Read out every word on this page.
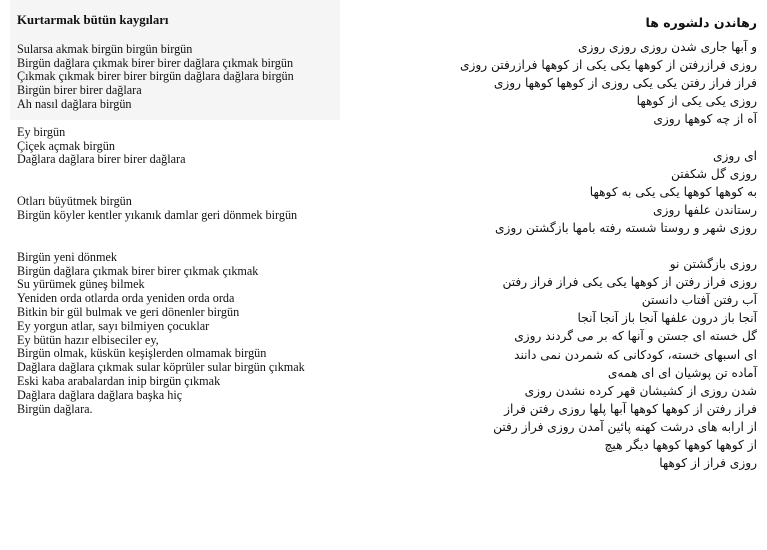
Kurtarmak bütün kaygıları
Sularsa akmak birgün birgün birgün
Birgün dağlara çıkmak birer birer dağlara çıkmak birgün
Çıkmak çıkmak birer birer birgün dağlara dağlara birgün
Birgün birer birer dağlara
Ah nasıl dağlara birgün
Ey birgün
Çiçek açmak birgün
Dağlara dağlara birer birer dağlara
Otları büyütmek birgün
Birgün köyler kentler yıkanık damlar geri dönmek birgün
Birgün yeni dönmek
Birgün dağlara çıkmak birer birer çıkmak çıkmak
Su yürümek güneş bilmek
Yeniden orda otlarda orda yeniden orda orda
Bitkin bir gül bulmak ve geri dönenler birgün
Ey yorgun atlar, sayı bilmiyen çocuklar
Ey bütün hazır elbiseciler ey,
Birgün olmak, küskün keşişlerden olmamak birgün
Dağlara dağlara çıkmak sular köprüler sular birgün çıkmak
Eski kaba arabalardan inip birgün çıkmak
Dağlara dağlara dağlara başka hiç
Birgün dağlara.
رهاندن دلشوره ها
و آبها جاری شدن روزی روزی روزی
روزی فرازرفتن از کوهها یکی یکی از کوهها فرازرفتن روزی
فراز فراز رفتن یکی یکی روزی از کوهها کوهها روزی
روزی یکی یکی از کوهها
آه از چه کوهها روزی
ای روزی
روزی گل شکفتن
به کوهها کوهها یکی یکی به کوهها
رستاندن علفها روزی
روزی شهر و روستا شسته رفته بامها بازگشتن روزی
روزی بازگشتن نو
روزی فراز رفتن از کوهها یکی یکی فراز فراز رفتن
آب رفتن آفتاب دانستن
آنجا باز درون علفها آنجا باز آنجا آنجا
گل خسته ای جستن و آنها که بر می گردند روزی
ای اسبهای خسته، کودکانی که شمردن نمی دانند
آماده تن پوشیان ای ای همه‌ی
شدن روزی از کشیشان قهر کرده نشدن روزی
فراز رفتن از کوهها کوهها آبها پلها روزی رفتن فراز
از ارابه های درشت کهنه پائین آمدن روزی فراز رفتن
از کوهها کوهها کوهها دیگر هیچ
روزی فراز از کوهها
